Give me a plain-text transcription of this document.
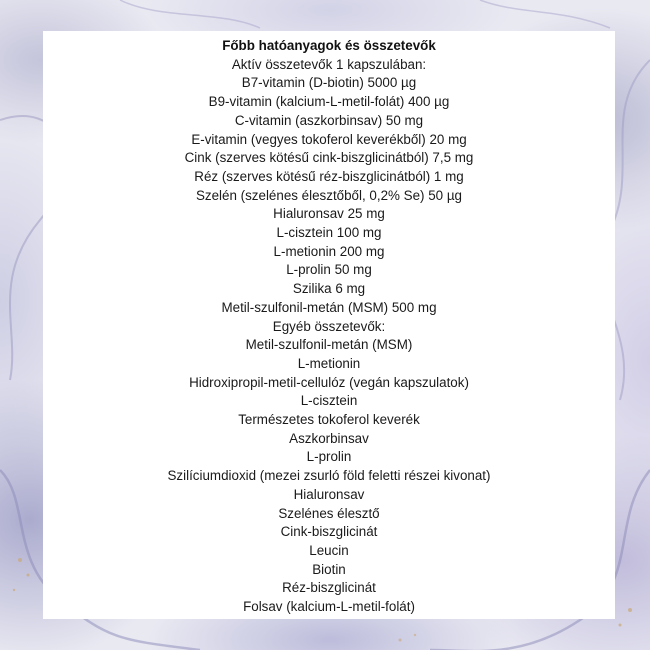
Főbb hatóanyagok és összetevők
Aktív összetevők 1 kapszulában:
B7-vitamin (D-biotin) 5000 µg
B9-vitamin (kalcium-L-metil-folát) 400 µg
C-vitamin (aszkorbinsav) 50 mg
E-vitamin (vegyes tokoferol keverékből) 20 mg
Cink (szerves kötésű cink-biszglicinátból) 7,5 mg
Réz (szerves kötésű réz-biszglicinátból) 1 mg
Szelén (szelénes élesztőből, 0,2% Se) 50 µg
Hialuronsav 25 mg
L-cisztein 100 mg
L-metionin 200 mg
L-prolin 50 mg
Szilika 6 mg
Metil-szulfonil-metán (MSM) 500 mg
Egyéb összetevők:
Metil-szulfonil-metán (MSM)
L-metionin
Hidroxipropil-metil-cellulóz (vegán kapszulatok)
L-cisztein
Természetes tokoferol keverék
Aszkorbinsav
L-prolin
Szilíciumdioxid (mezei zsurló föld feletti részei kivonat)
Hialuronsav
Szelénes élesztő
Cink-biszglicinát
Leucin
Biotin
Réz-biszglicinát
Folsav (kalcium-L-metil-folát)
